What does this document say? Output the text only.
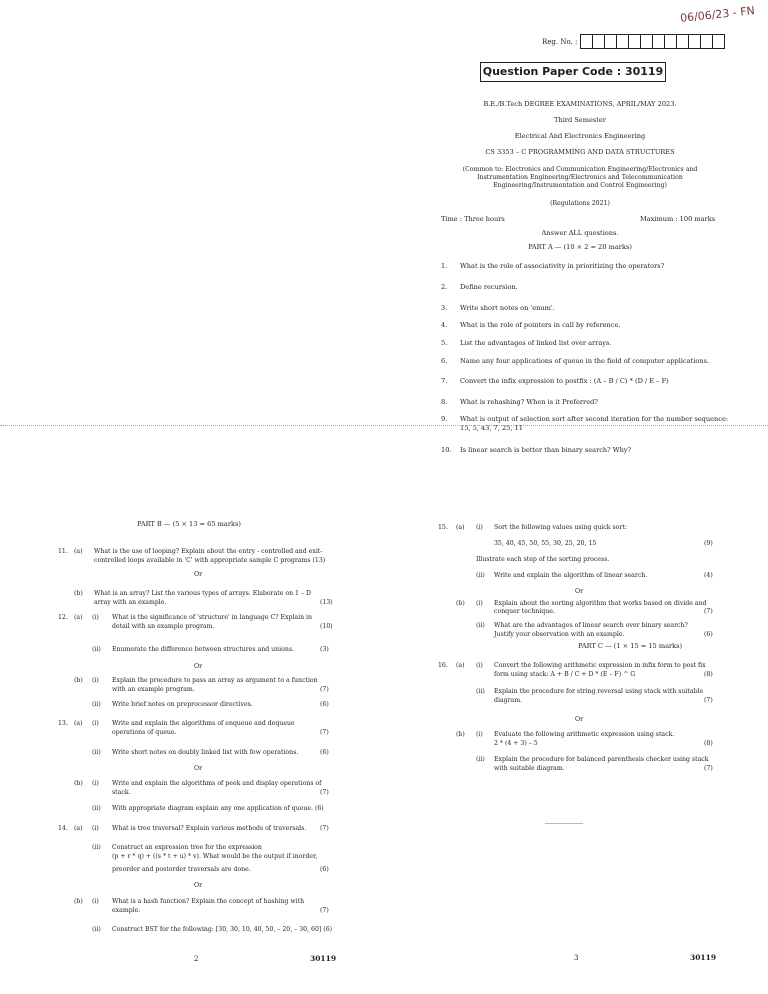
06/06/23 - FN
Reg. No. :
Question Paper Code : 30119
B.E./B.Tech DEGREE EXAMINATIONS, APRIL/MAY 2023.
Third Semester
Electrical And Electronics Engineering
CS 3353 – C PROGRAMMING AND DATA STRUCTURES
(Common to: Electronics and Communication Engineering/Electronics and
Instrumentation Engineering/Electronics and Telecommunication
Engineering/Instrumentation and Control Engineering)
(Regulations 2021)
Time : Three hours	Maximum : 100 marks
Answer ALL questions.
PART A — (10 × 2 = 20 marks)
1. What is the role of associativity in prioritizing the operators?
2. Define recursion.
3. Write short notes on 'enum'.
4. What is the role of pointers in call by reference.
5. List the advantages of linked list over arrays.
6. Name any four applications of queue in the field of computer applications.
7. Convert the infix expression to postfix : (A – B / C) * (D / E – F)
8. What is rehashing? When is it Preferred?
9. What is output of selection sort after second iteration for the number sequence:
15, 5, 43, 7, 25, 11
10. Is linear search is better than binary search? Why?
PART B — (5 × 13 = 65 marks)
11. (a) What is the use of looping? Explain about the entry - controlled and exit-
controlled loops available in 'C' with appropriate sample C programs (13)
(b) What is an array? List the various types of arrays. Elaborate on 1 – D
array with an example.	(13)
12. (a) (i) What is the significance of 'structure' in language C? Explain in
detail with an example program.	(10)
(ii) Enumerate the difference between structures and unions.	(3)
(b) (i) Explain the procedure to pass an array as argument to a function
with an example program.	(7)
(ii) Write brief notes on preprocessor directives.	(6)
13. (a) (i) Write and explain the algorithms of enqueue and dequeue
operations of queue.	(7)
(ii) Write short notes on doubly linked list with few operations.	(6)
(b) (i) Write and explain the algorithms of peek and display operations of
stack.	(7)
(ii) With appropriate diagram explain any one application of queue. (6)
14. (a) (i) What is tree traversal? Explain various methods of traversals. (7)
(ii) Construct an expression tree for the expression
(p + r * q) + ((s * t + u) * v). What would be the output if inorder,
preorder and postorder traversals are done.	(6)
(b) (i) What is a hash function? Explain the concept of hashing with
example.	(7)
(ii) Construct BST for the following: [30, 30, 10, 40, 50, – 20, – 30, 60] (6)
Or
Or
Or
Or
2	30119
15. (a) (i) Sort the following values using quick sort:
35, 40, 45, 50, 55, 30, 25, 20, 15	(9)
Illustrate each step of the sorting process.
(ii) Write and explain the algorithm of linear search.	(4)
(b) (i) Explain about the sorting algorithm that works based on divide and
conquer technique.	(7)
(ii) What are the advantages of linear search over binary search?
Justify your observation with an example.	(6)
16. (a) (i) Convert the following arithmetic expression in infix form to post fix
form using stack: A + B / C + D * (E – F) ^ G	(8)
(ii) Explain the procedure for string reversal using stack with suitable
diagram.	(7)
(b) (i) Evaluate the following arithmetic expression using stack.
2 * (4 + 3) – 5	(8)
(ii) Explain the procedure for balanced parenthesis checker using stack
with suitable diagram.	(7)
Or
Or
PART C — (1 × 15 = 15 marks)
3	30119
